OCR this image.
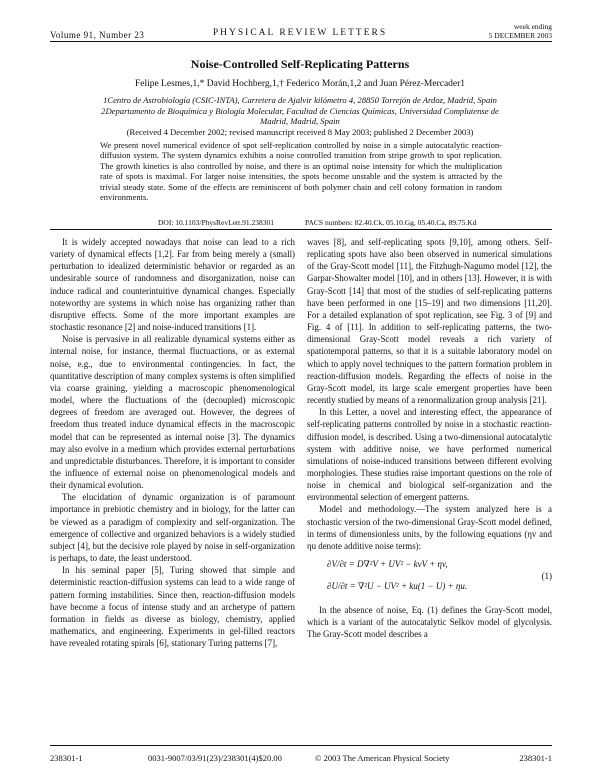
Volume 91, Number 23	PHYSICAL REVIEW LETTERS
week ending
5 DECEMBER 2003
Noise-Controlled Self-Replicating Patterns
Felipe Lesmes,1,* David Hochberg,1,† Federico Morán,1,2 and Juan Pérez-Mercader1
1Centro de Astrobiología (CSIC-INTA), Carretera de Ajalvir kilómetro 4, 28850 Torrejón de Ardoz, Madrid, Spain
2Departamento de Bioquímica y Biología Molecular, Facultad de Ciencias Químicas, Universidad Complutense de Madrid, Madrid, Spain
(Received 4 December 2002; revised manuscript received 8 May 2003; published 2 December 2003)
We present novel numerical evidence of spot self-replication controlled by noise in a simple autocatalytic reaction-diffusion system. The system dynamics exhibits a noise controlled transition from stripe growth to spot replication. The growth kinetics is also controlled by noise, and there is an optimal noise intensity for which the multiplication rate of spots is maximal. For larger noise intensities, the spots become unstable and the system is attracted by the trivial steady state. Some of the effects are reminiscent of both polymer chain and cell colony formation in random environments.
DOI: 10.1103/PhysRevLett.91.238301	PACS numbers: 82.40.Ck, 05.10.Gg, 05.40.Ca, 89.75.Kd

It is widely accepted nowadays that noise can lead to a rich variety of dynamical effects [1,2]. Far from being merely a (small) perturbation to idealized deterministic behavior or regarded as an undesirable source of randomness and disorganization, noise can induce radical and counterintuitive dynamical changes. Especially noteworthy are systems in which noise has organizing rather than disruptive effects. Some of the more important examples are stochastic resonance [2] and noise-induced transitions [1].

Noise is pervasive in all realizable dynamical systems either as internal noise, for instance, thermal fluctuactions, or as external noise, e.g., due to environmental contingencies. In fact, the quantitative description of many complex systems is often simplified via coarse graining, yielding a macroscopic phenomenological model, where the fluctuations of the (decoupled) microscopic degrees of freedom are averaged out. However, the degrees of freedom thus treated induce dynamical effects in the macroscopic model that can be represented as internal noise [3]. The dynamics may also evolve in a medium which provides external perturbations and unpredictable disturbances. Therefore, it is important to consider the influence of external noise on phenomenological models and their dynamical evolution.

The elucidation of dynamic organization is of paramount importance in prebiotic chemistry and in biology, for the latter can be viewed as a paradigm of complexity and self-organization. The emergence of collective and organized behaviors is a widely studied subject [4], but the decisive role played by noise in self-organization is perhaps, to date, the least understood.

In his seminal paper [5], Turing showed that simple and deterministic reaction-diffusion systems can lead to a wide range of pattern forming instabilities. Since then, reaction-diffusion models have become a focus of intense study and an archetype of pattern formation in fields as diverse as biology, chemistry, applied mathematics, and engineering. Experiments in gel-filled reactors have revealed rotating spirals [6], stationary Turing patterns [7],

waves [8], and self-replicating spots [9,10], among others. Self-replicating spots have also been observed in numerical simulations of the Gray-Scott model [11], the Fitzhugh-Nagumo model [12], the Garpar-Showalter model [10], and in others [13]. However, it is with Gray-Scott [14] that most of the studies of self-replicating patterns have been performed in one [15–19] and two dimensions [11,20]. For a detailed explanation of spot replication, see Fig. 3 of [9] and Fig. 4 of [11]. In addition to self-replicating patterns, the two-dimensional Gray-Scott model reveals a rich variety of spatiotemporal patterns, so that it is a suitable laboratory model on which to apply novel techniques to the pattern formation problem in reaction-diffusion models. Regarding the effects of noise in the Gray-Scott model, its large scale emergent properties have been recently studied by means of a renormalization group analysis [21].

In this Letter, a novel and interesting effect, the appearance of self-replicating patterns controlled by noise in a stochastic reaction-diffusion model, is described. Using a two-dimensional autocatalytic system with additive noise, we have performed numerical simulations of noise-induced transitions between different evolving morphologies. These studies raise important questions on the role of noise in chemical and biological self-organization and the environmental selection of emergent patterns.

Model and methodology.—The system analyzed here is a stochastic version of the two-dimensional Gray-Scott model defined, in terms of dimensionless units, by the following equations (ηv and ηu denote additive noise terms):

∂V/∂t = D∇²V + UV² − kvV + ηv,
∂U/∂t = ∇²U − UV² + ku(1 − U) + ηu.
(1)

In the absence of noise, Eq. (1) defines the Gray-Scott model, which is a variant of the autocatalytic Selkov model of glycolysis. The Gray-Scott model describes a

238301-1	0031-9007/03/91(23)/238301(4)$20.00	© 2003 The American Physical Society	238301-1
